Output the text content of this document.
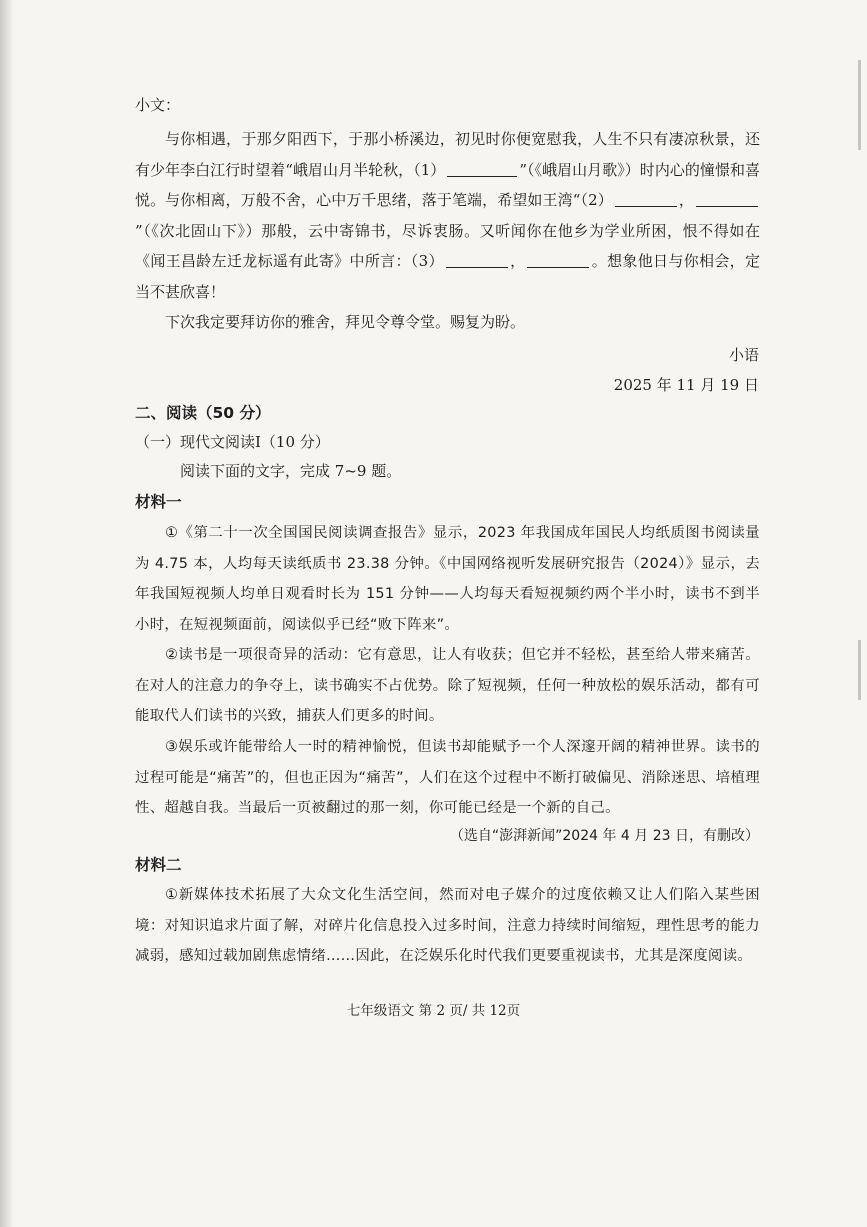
小文：

与你相遇，于那夕阳西下，于那小桥溪边，初见时你便宽慰我，人生不只有凄凉秋景，还有少年李白江行时望着“峨眉山月半轮秋，（1）	”（《峨眉山月歌》）时内心的憧憬和喜悦。与你相离，万般不舍，心中万千思绪，落于笔端，希望如王湾“（2）	，”（《次北固山下》）那般，云中寄锦书，尽诉衷肠。又听闻你在他乡为学业所困，恨不得如在《闻王昌龄左迁龙标遥有此寄》中所言：（3）	，	。想象他日与你相会，定当不甚欣喜！

下次我定要拜访你的雅舍，拜见令尊令堂。赐复为盼。

小语
2025 年 11 月 19 日
二、阅读（50 分）
（一）现代文阅读Ⅰ（10 分）
阅读下面的文字，完成 7~9 题。
材料一

①《第二十一次全国国民阅读调查报告》显示，2023 年我国成年国民人均纸质图书阅读量为 4.75 本，人均每天读纸质书 23.38 分钟。《中国网络视听发展研究报告（2024）》显示，去年我国短视频人均单日观看时长为 151 分钟——人均每天看短视频约两个半小时，读书不到半小时，在短视频面前，阅读似乎已经“败下阵来”。

②读书是一项很奇异的活动：它有意思，让人有收获；但它并不轻松，甚至给人带来痛苦。在对人的注意力的争夺上，读书确实不占优势。除了短视频，任何一种放松的娱乐活动，都有可能取代人们读书的兴致，捕获人们更多的时间。

③娱乐或许能带给人一时的精神愉悦，但读书却能赋予一个人深邃开阔的精神世界。读书的过程可能是“痛苦”的，但也正因为“痛苦”，人们在这个过程中不断打破偏见、消除迷思、培植理性、超越自我。当最后一页被翻过的那一刻，你可能已经是一个新的自己。

（选自“澎湃新闻”2024 年 4 月 23 日，有删改）
材料二

①新媒体技术拓展了大众文化生活空间，然而对电子媒介的过度依赖又让人们陷入某些困境：对知识追求片面了解，对碎片化信息投入过多时间，注意力持续时间缩短，理性思考的能力减弱，感知过载加剧焦虑情绪……因此，在泛娱乐化时代我们更要重视读书，尤其是深度阅读。

七年级语文 第 2 页/ 共 12页
